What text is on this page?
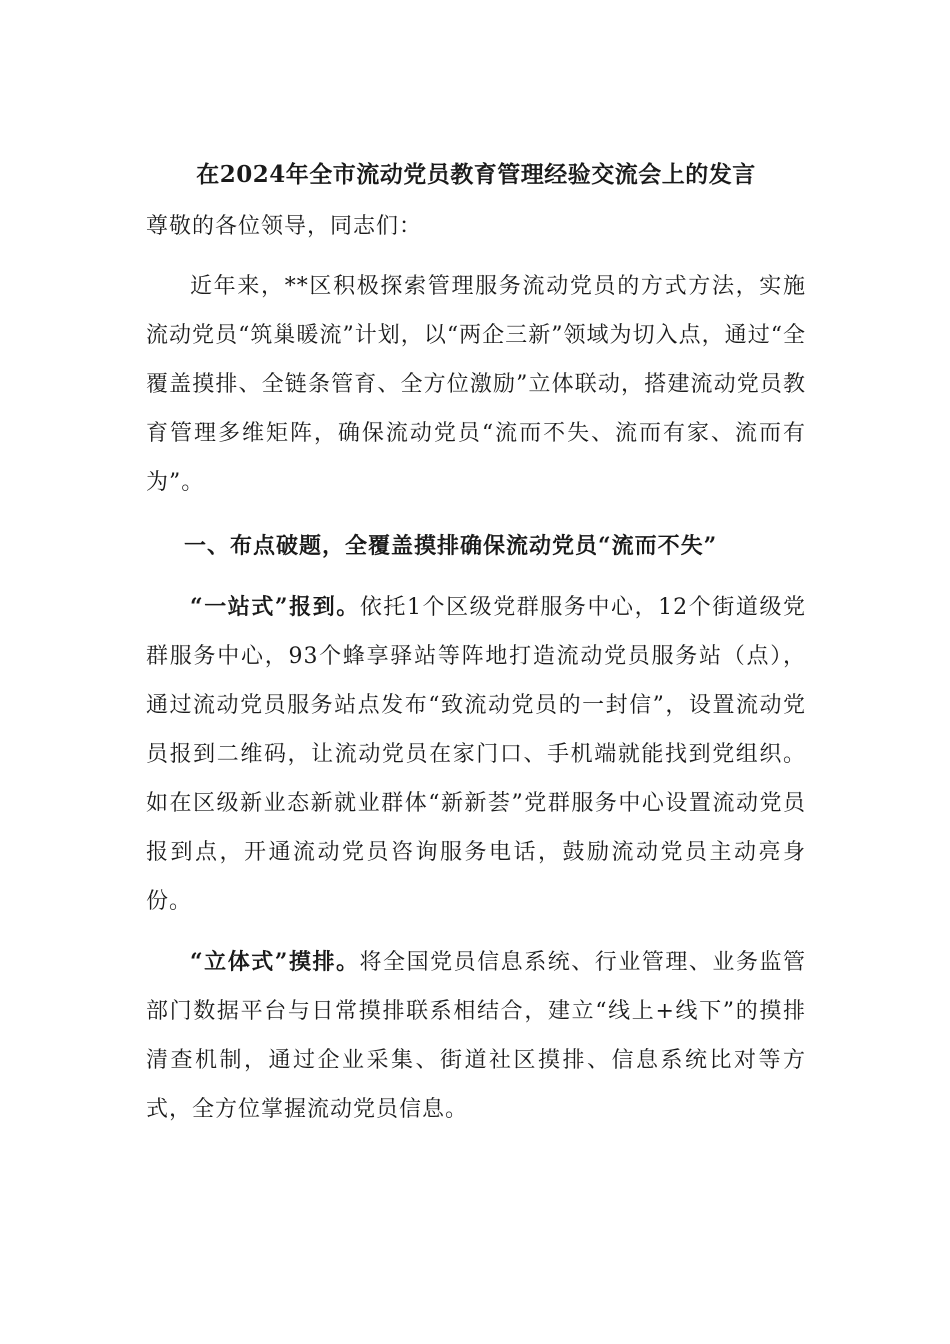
在2024年全市流动党员教育管理经验交流会上的发言

尊敬的各位领导，同志们：

近年来，**区积极探索管理服务流动党员的方式方法，实施流动党员“筑巢暖流”计划，以“两企三新”领域为切入点，通过“全覆盖摸排、全链条管育、全方位激励”立体联动，搭建流动党员教育管理多维矩阵，确保流动党员“流而不失、流而有家、流而有为”。

一、布点破题，全覆盖摸排确保流动党员“流而不失”

“一站式”报到。依托1个区级党群服务中心，12个街道级党群服务中心，93个蜂享驿站等阵地打造流动党员服务站（点），通过流动党员服务站点发布“致流动党员的一封信”，设置流动党员报到二维码，让流动党员在家门口、手机端就能找到党组织。如在区级新业态新就业群体“新新荟”党群服务中心设置流动党员报到点，开通流动党员咨询服务电话，鼓励流动党员主动亮身份。

“立体式”摸排。将全国党员信息系统、行业管理、业务监管部门数据平台与日常摸排联系相结合，建立“线上+线下”的摸排清查机制，通过企业采集、街道社区摸排、信息系统比对等方式，全方位掌握流动党员信息。
